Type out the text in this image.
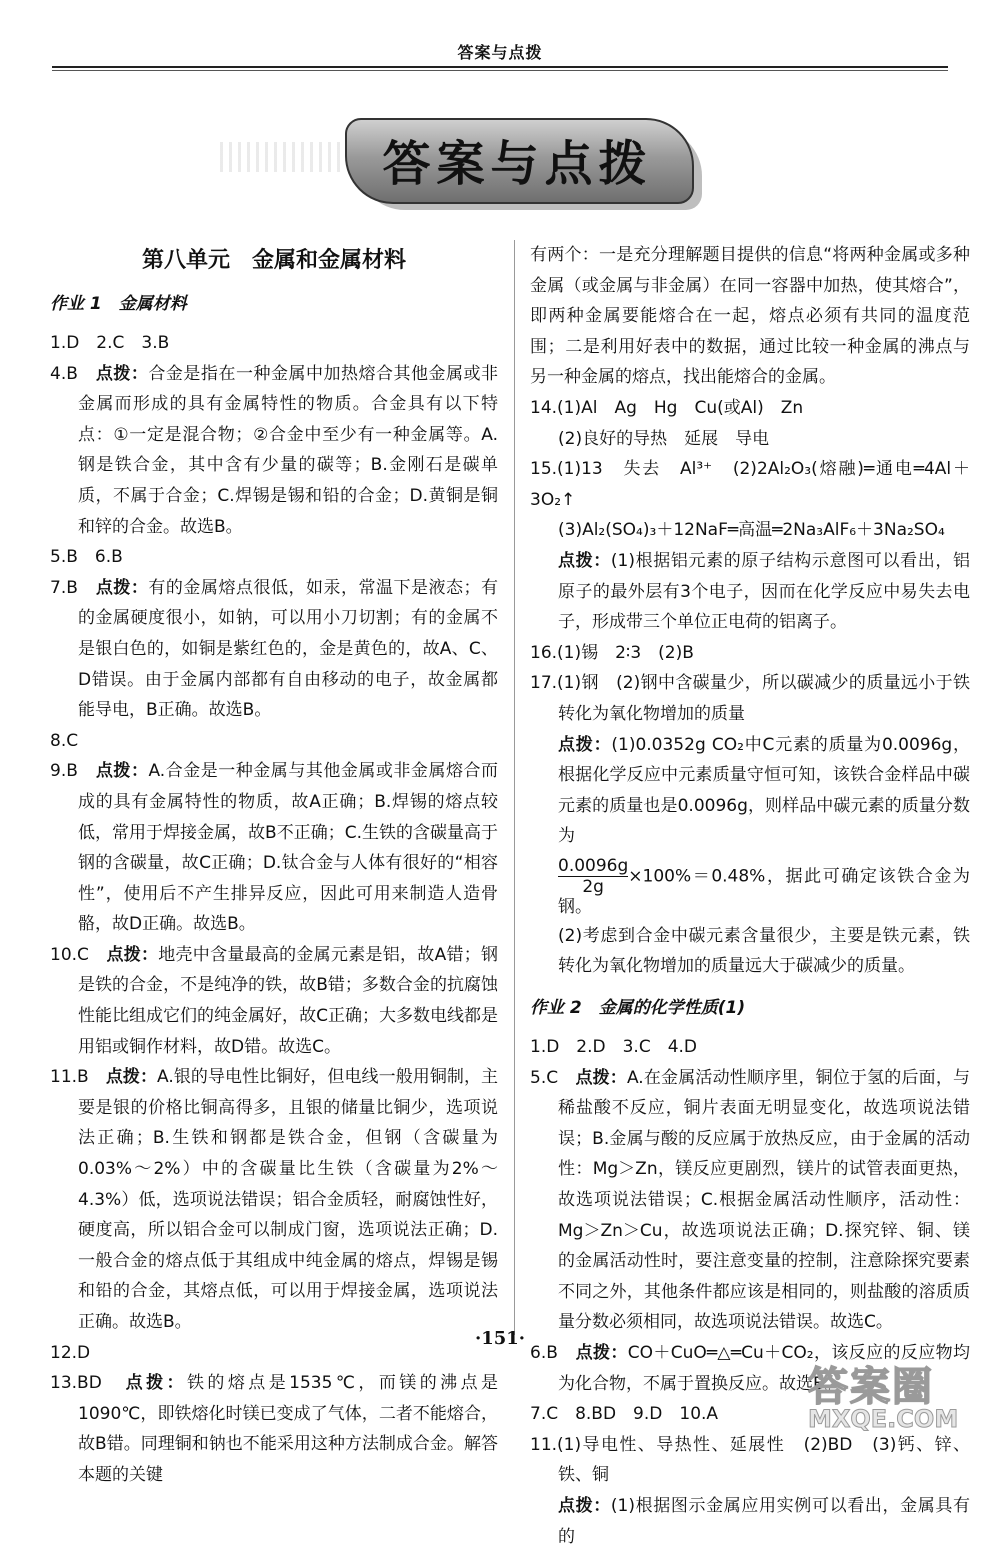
答案与点拨
答案与点拨
第八单元　金属和金属材料
作业 1　金属材料

1.D　2.C　3.B

4.B　点拨：合金是指在一种金属中加热熔合其他金属或非金属而形成的具有金属特性的物质。合金具有以下特点：①一定是混合物；②合金中至少有一种金属等。A.钢是铁合金，其中含有少量的碳等；B.金刚石是碳单质，不属于合金；C.焊锡是锡和铅的合金；D.黄铜是铜和锌的合金。故选B。

5.B　6.B

7.B　点拨：有的金属熔点很低，如汞，常温下是液态；有的金属硬度很小，如钠，可以用小刀切割；有的金属不是银白色的，如铜是紫红色的，金是黄色的，故A、C、D错误。由于金属内部都有自由移动的电子，故金属都能导电，B正确。故选B。

8.C

9.B　点拨：A.合金是一种金属与其他金属或非金属熔合而成的具有金属特性的物质，故A正确；B.焊锡的熔点较低，常用于焊接金属，故B不正确；C.生铁的含碳量高于钢的含碳量，故C正确；D.钛合金与人体有很好的“相容性”，使用后不产生排异反应，因此可用来制造人造骨骼，故D正确。故选B。

10.C　点拨：地壳中含量最高的金属元素是铝，故A错；钢是铁的合金，不是纯净的铁，故B错；多数合金的抗腐蚀性能比组成它们的纯金属好，故C正确；大多数电线都是用铝或铜作材料，故D错。故选C。

11.B　点拨：A.银的导电性比铜好，但电线一般用铜制，主要是银的价格比铜高得多，且银的储量比铜少，选项说法正确；B.生铁和钢都是铁合金，但钢（含碳量为0.03%～2%）中的含碳量比生铁（含碳量为2%～4.3%）低，选项说法错误；铝合金质轻，耐腐蚀性好，硬度高，所以铝合金可以制成门窗，选项说法正确；D.一般合金的熔点低于其组成中纯金属的熔点，焊锡是锡和铅的合金，其熔点低，可以用于焊接金属，选项说法正确。故选B。

12.D

13.BD　点拨：铁的熔点是1535℃，而镁的沸点是1090℃，即铁熔化时镁已变成了气体，二者不能熔合，故B错。同理铜和钠也不能采用这种方法制成合金。解答本题的关键

有两个：一是充分理解题目提供的信息“将两种金属或多种金属（或金属与非金属）在同一容器中加热，使其熔合”，即两种金属要能熔合在一起，熔点必须有共同的温度范围；二是利用好表中的数据，通过比较一种金属的沸点与另一种金属的熔点，找出能熔合的金属。

14.(1)Al　Ag　Hg　Cu(或Al)　Zn

(2)良好的导热　延展　导电

15.(1)13　失去　Al³⁺　(2)2Al₂O₃(熔融)═通电═4Al＋3O₂↑

(3)Al₂(SO₄)₃＋12NaF═高温═2Na₃AlF₆＋3Na₂SO₄

点拨：(1)根据铝元素的原子结构示意图可以看出，铝原子的最外层有3个电子，因而在化学反应中易失去电子，形成带三个单位正电荷的铝离子。

16.(1)锡　2∶3　(2)B

17.(1)钢　(2)钢中含碳量少，所以碳减少的质量远小于铁转化为氧化物增加的质量

点拨：(1)0.0352g CO₂中C元素的质量为0.0096g，根据化学反应中元素质量守恒可知，该铁合金样品中碳元素的质量也是0.0096g，则样品中碳元素的质量分数为

$\frac{0.0096g}{2g} \times 100\%=0.48\%$，据此可确定该铁合金为钢。

(2)考虑到合金中碳元素含量很少，主要是铁元素，铁转化为氧化物增加的质量远大于碳减少的质量。

作业 2　金属的化学性质(1)

1.D　2.D　3.C　4.D

5.C　点拨：A.在金属活动性顺序里，铜位于氢的后面，与稀盐酸不反应，铜片表面无明显变化，故选项说法错误；B.金属与酸的反应属于放热反应，由于金属的活动性：Mg＞Zn，镁反应更剧烈，镁片的试管表面更热，故选项说法错误；C.根据金属活动性顺序，活动性：Mg＞Zn＞Cu，故选项说法正确；D.探究锌、铜、镁的金属活动性时，要注意变量的控制，注意除探究要素不同之外，其他条件都应该是相同的，则盐酸的溶质质量分数必须相同，故选项说法错误。故选C。

6.B　点拨：CO＋CuO═△═Cu＋CO₂，该反应的反应物均为化合物，不属于置换反应。故选B。

7.C　8.BD　9.D　10.A

11.(1)导电性、导热性、延展性　(2)BD　(3)钙、锌、铁、铜

点拨：(1)根据图示金属应用实例可以看出，金属具有的

·151·
答案圈
MXQE.COM
